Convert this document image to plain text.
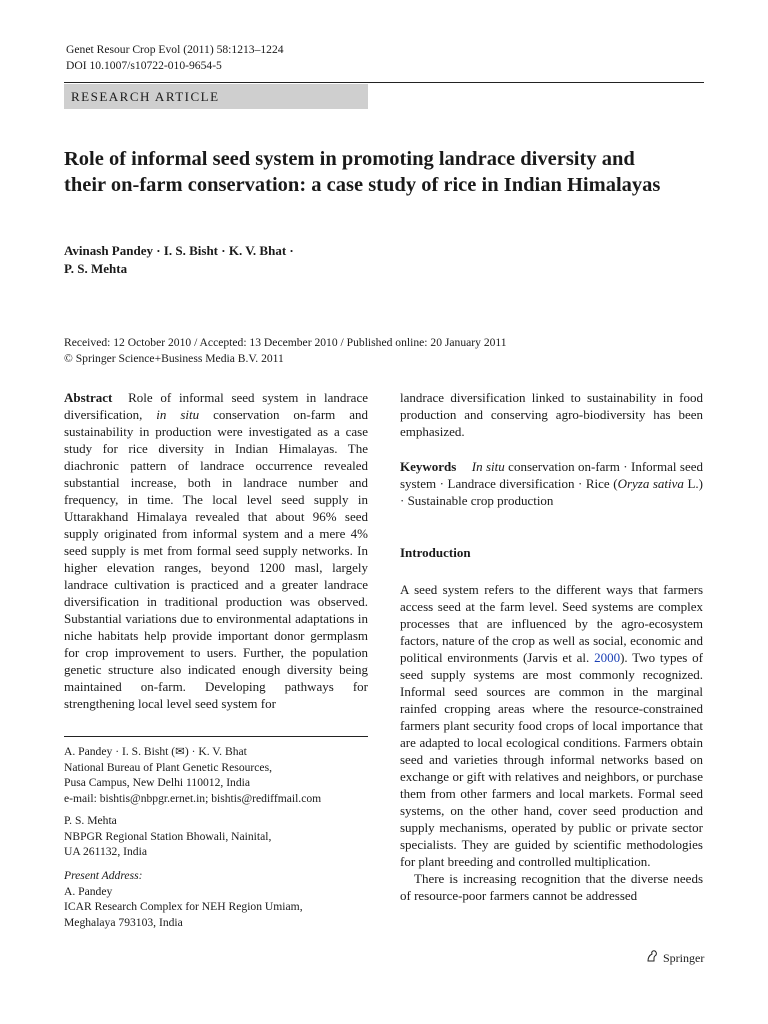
Genet Resour Crop Evol (2011) 58:1213–1224
DOI 10.1007/s10722-010-9654-5
RESEARCH ARTICLE
Role of informal seed system in promoting landrace diversity and their on-farm conservation: a case study of rice in Indian Himalayas
Avinash Pandey · I. S. Bisht · K. V. Bhat ·
P. S. Mehta
Received: 12 October 2010 / Accepted: 13 December 2010 / Published online: 20 January 2011
© Springer Science+Business Media B.V. 2011
Abstract Role of informal seed system in landrace diversification, in situ conservation on-farm and sustainability in production were investigated as a case study for rice diversity in Indian Himalayas. The diachronic pattern of landrace occurrence revealed substantial increase, both in landrace number and frequency, in time. The local level seed supply in Uttarakhand Himalaya revealed that about 96% seed supply originated from informal system and a mere 4% seed supply is met from formal seed supply networks. In higher elevation ranges, beyond 1200 masl, largely landrace cultivation is practiced and a greater landrace diversification in traditional production was observed. Substantial variations due to environmental adaptations in niche habitats help provide important donor germplasm for crop improvement to users. Further, the population genetic structure also indicated enough diversity being maintained on-farm. Developing pathways for strengthening local level seed system for
A. Pandey · I. S. Bisht (✉) · K. V. Bhat
National Bureau of Plant Genetic Resources,
Pusa Campus, New Delhi 110012, India
e-mail: bishtis@nbpgr.ernet.in; bishtis@rediffmail.com
P. S. Mehta
NBPGR Regional Station Bhowali, Nainital,
UA 261132, India
Present Address:
A. Pandey
ICAR Research Complex for NEH Region Umiam,
Meghalaya 793103, India
landrace diversification linked to sustainability in food production and conserving agro-biodiversity has been emphasized.
Keywords In situ conservation on-farm · Informal seed system · Landrace diversification · Rice (Oryza sativa L.) · Sustainable crop production
Introduction
A seed system refers to the different ways that farmers access seed at the farm level. Seed systems are complex processes that are influenced by the agro-ecosystem factors, nature of the crop as well as social, economic and political environments (Jarvis et al. 2000). Two types of seed supply systems are most commonly recognized. Informal seed sources are common in the marginal rainfed cropping areas where the resource-constrained farmers plant security food crops of local importance that are adapted to local ecological conditions. Farmers obtain seed and varieties through informal networks based on exchange or gift with relatives and neighbors, or purchase them from other farmers and local markets. Formal seed systems, on the other hand, cover seed production and supply mechanisms, operated by public or private sector specialists. They are guided by scientific methodologies for plant breeding and controlled multiplication.
There is increasing recognition that the diverse needs of resource-poor farmers cannot be addressed
Springer
